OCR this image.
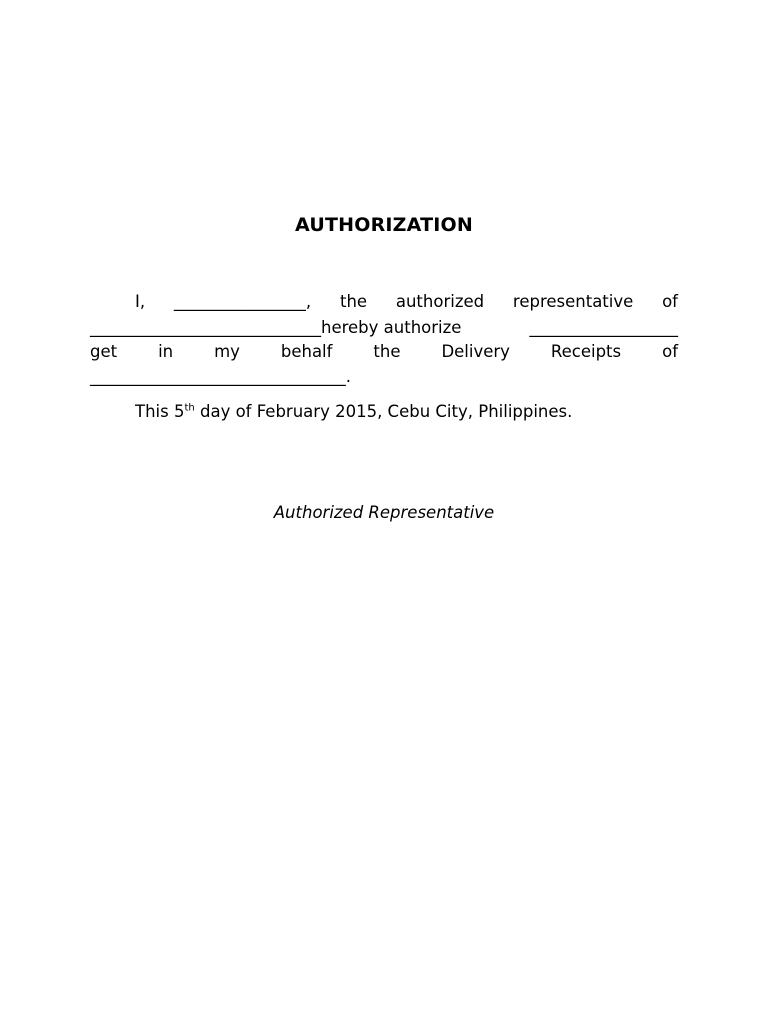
AUTHORIZATION
I, ________________, the authorized representative of
____________________________hereby authorize	__________________
get in my behalf the Delivery Receipts of
_______________________________.
This 5th day of February 2015, Cebu City, Philippines.
Authorized Representative
